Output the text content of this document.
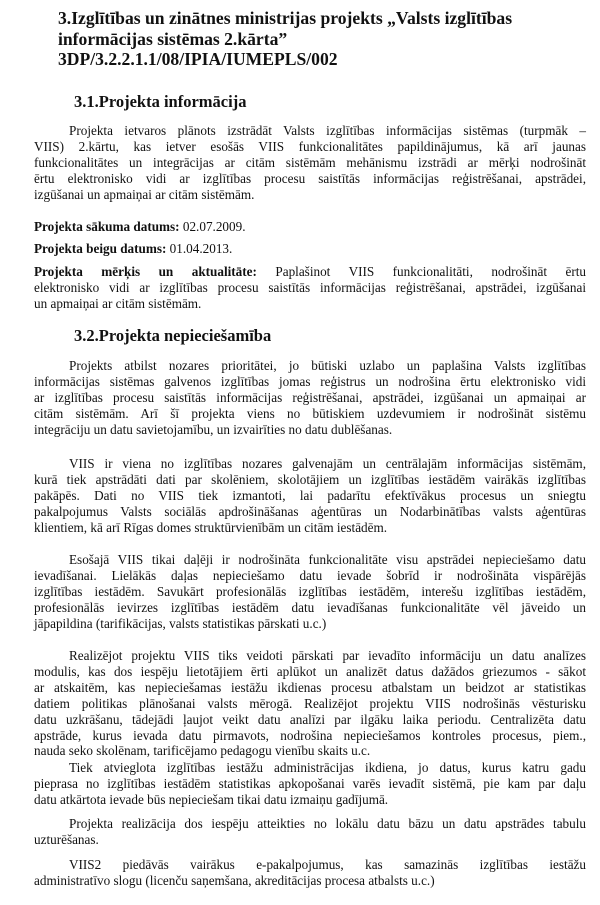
3.Izglītības un zinātnes ministrijas projekts „Valsts izglītības
informācijas sistēmas 2.kārta”
3DP/3.2.2.1.1/08/IPIA/IUMEPLS/002
3.1.Projekta informācija
Projekta ietvaros plānots izstrādāt Valsts izglītības informācijas sistēmas (turpmāk –
VIIS) 2.kārtu, kas ietver esošās VIIS funkcionalitātes papildinājumus, kā arī jaunas
funkcionalitātes un integrācijas ar citām sistēmām mehānismu izstrādi ar mērķi nodrošināt
ērtu elektronisko vidi ar izglītības procesu saistītās informācijas reģistrēšanai, apstrādei,
izgūšanai un apmaiņai ar citām sistēmām.
Projekta sākuma datums: 02.07.2009.
Projekta beigu datums: 01.04.2013.
Projekta mērķis un aktualitāte: Paplašinot VIIS funkcionalitāti, nodrošināt ērtu
elektronisko vidi ar izglītības procesu saistītās informācijas reģistrēšanai, apstrādei, izgūšanai
un apmaiņai ar citām sistēmām.
3.2.Projekta nepieciešamība
Projekts atbilst nozares prioritātei, jo būtiski uzlabo un paplašina Valsts izglītības
informācijas sistēmas galvenos izglītības jomas reģistrus un nodrošina ērtu elektronisko vidi
ar izglītības procesu saistītās informācijas reģistrēšanai, apstrādei, izgūšanai un apmaiņai ar
citām sistēmām. Arī šī projekta viens no būtiskiem uzdevumiem ir nodrošināt sistēmu
integrāciju un datu savietojamību, un izvairīties no datu dublēšanas.
VIIS ir viena no izglītības nozares galvenajām un centrālajām informācijas sistēmām,
kurā tiek apstrādāti dati par skolēniem, skolotājiem un izglītības iestādēm vairākās izglītības
pakāpēs. Dati no VIIS tiek izmantoti, lai padarītu efektīvākus procesus un sniegtu
pakalpojumus Valsts sociālās apdrošināšanas aģentūras un Nodarbinātības valsts aģentūras
klientiem, kā arī Rīgas domes struktūrvienībām un citām iestādēm.
Esošajā VIIS tikai daļēji ir nodrošināta funkcionalitāte visu apstrādei nepieciešamo datu
ievadīšanai. Lielākās daļas nepieciešamo datu ievade šobrīd ir nodrošināta vispārējās
izglītības iestādēm. Savukārt profesionālās izglītības iestādēm, interešu izglītības iestādēm,
profesionālās ievirzes izglītības iestādēm datu ievadīšanas funkcionalitāte vēl jāveido un
jāpapildina (tarifikācijas, valsts statistikas pārskati u.c.)
Realizējot projektu VIIS tiks veidoti pārskati par ievadīto informāciju un datu analīzes
modulis, kas dos iespēju lietotājiem ērti aplūkot un analizēt datus dažādos griezumos - sākot
ar atskaitēm, kas nepieciešamas iestāžu ikdienas procesu atbalstam un beidzot ar statistikas
datiem politikas plānošanai valsts mērogā. Realizējot projektu VIIS nodrošinās vēsturisku
datu uzkrāšanu, tādejādi ļaujot veikt datu analīzi par ilgāku laika periodu. Centralizēta datu
apstrāde, kurus ievada datu pirmavots, nodrošina nepieciešamos kontroles procesus, piem.,
nauda seko skolēnam, tarificējamo pedagogu vienību skaits u.c.
Tiek atvieglota izglītības iestāžu administrācijas ikdiena, jo datus, kurus katru gadu
pieprasa no izglītības iestādēm statistikas apkopošanai varēs ievadīt sistēmā, pie kam par daļu
datu atkārtota ievade būs nepieciešam tikai datu izmaiņu gadījumā.
Projekta realizācija dos iespēju atteikties no lokālu datu bāzu un datu apstrādes tabulu
uzturēšanas.
VIIS2 piedāvās vairākus e-pakalpojumus, kas samazinās izglītības iestāžu
administratīvo slogu (licenču saņemšana, akreditācijas procesa atbalsts u.c.)
